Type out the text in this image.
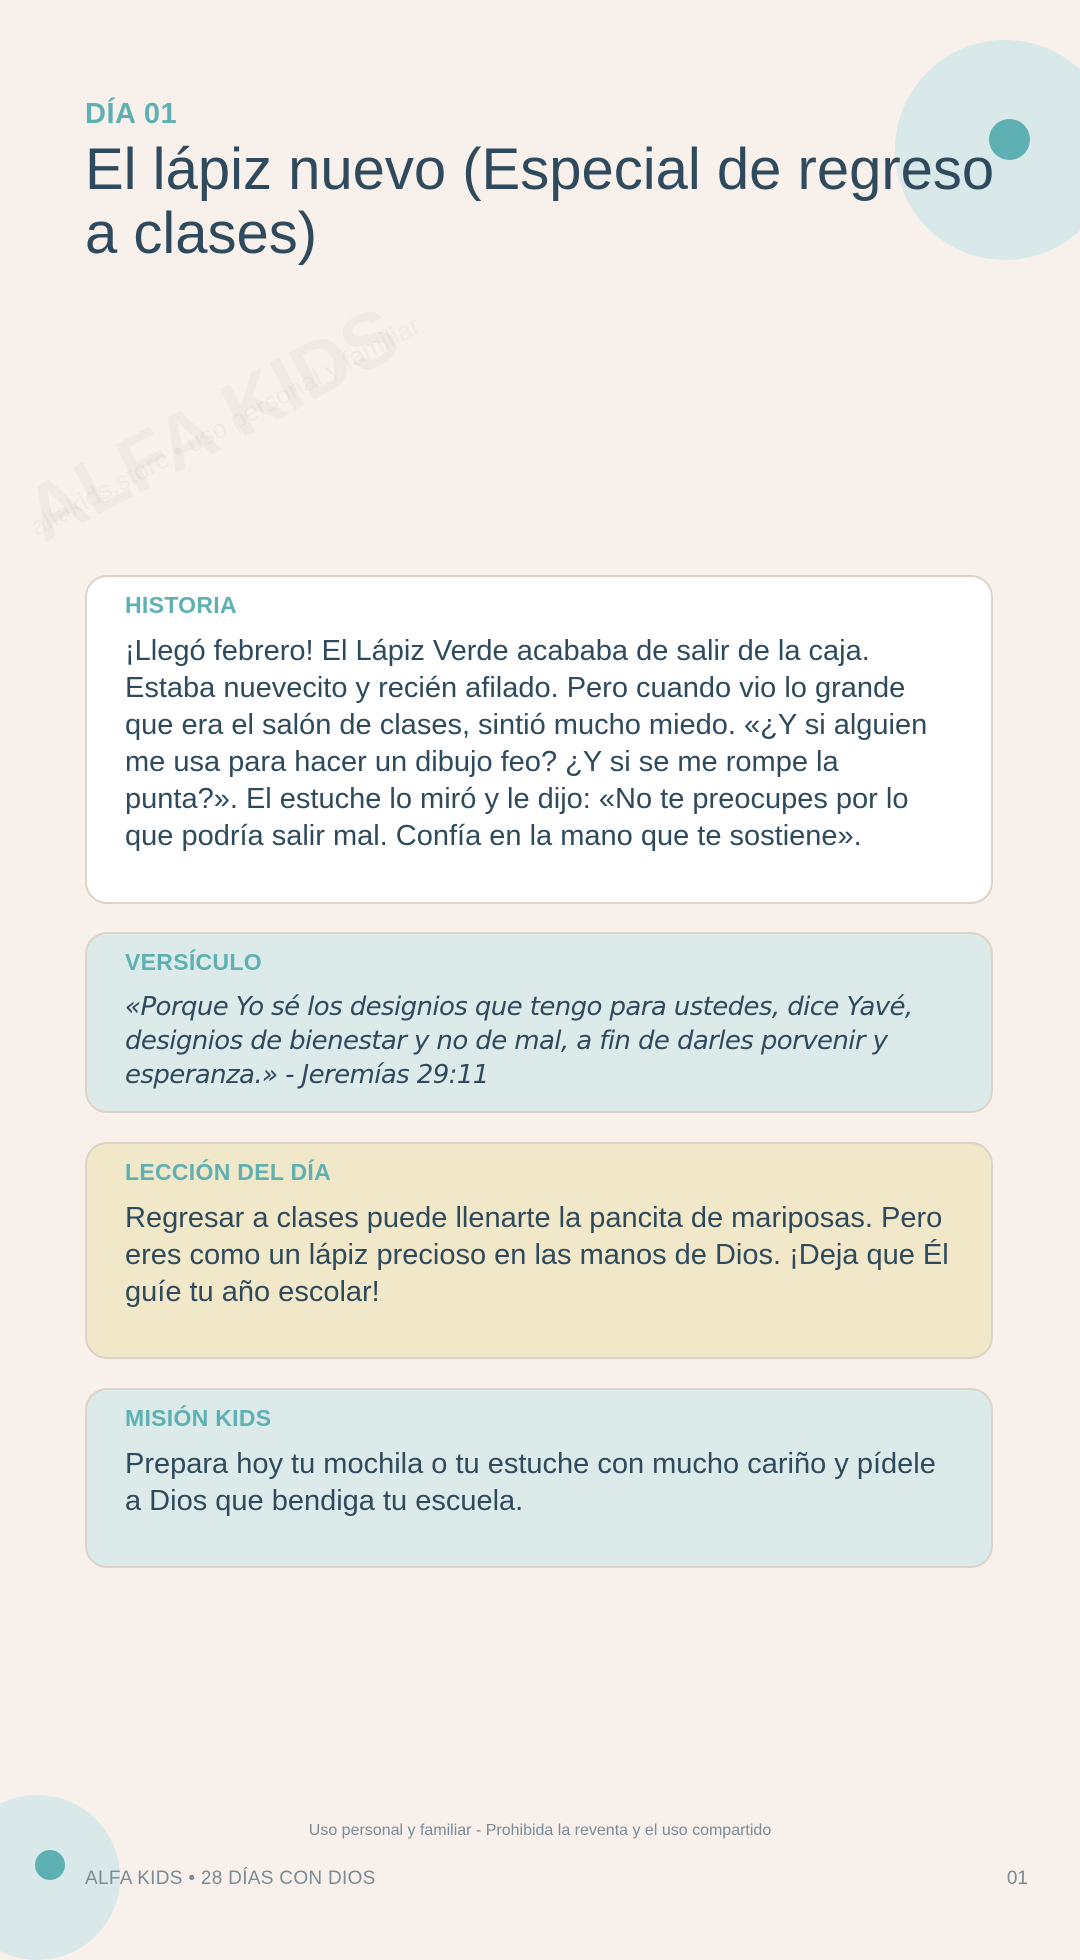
DÍA 01
El lápiz nuevo (Especial de regreso a clases)
HISTORIA

¡Llegó febrero! El Lápiz Verde acababa de salir de la caja. Estaba nuevecito y recién afilado. Pero cuando vio lo grande que era el salón de clases, sintió mucho miedo. «¿Y si alguien me usa para hacer un dibujo feo? ¿Y si se me rompe la punta?». El estuche lo miró y le dijo: «No te preocupes por lo que podría salir mal. Confía en la mano que te sostiene».

VERSÍCULO

«Porque Yo sé los designios que tengo para ustedes, dice Yavé, designios de bienestar y no de mal, a fin de darles porvenir y esperanza.» - Jeremías 29:11

LECCIÓN DEL DÍA

Regresar a clases puede llenarte la pancita de mariposas. Pero eres como un lápiz precioso en las manos de Dios. ¡Deja que Él guíe tu año escolar!

MISIÓN KIDS

Prepara hoy tu mochila o tu estuche con mucho cariño y pídele a Dios que bendiga tu escuela.

Uso personal y familiar - Prohibida la reventa y el uso compartido
ALFA KIDS • 28 DÍAS CON DIOS	01
